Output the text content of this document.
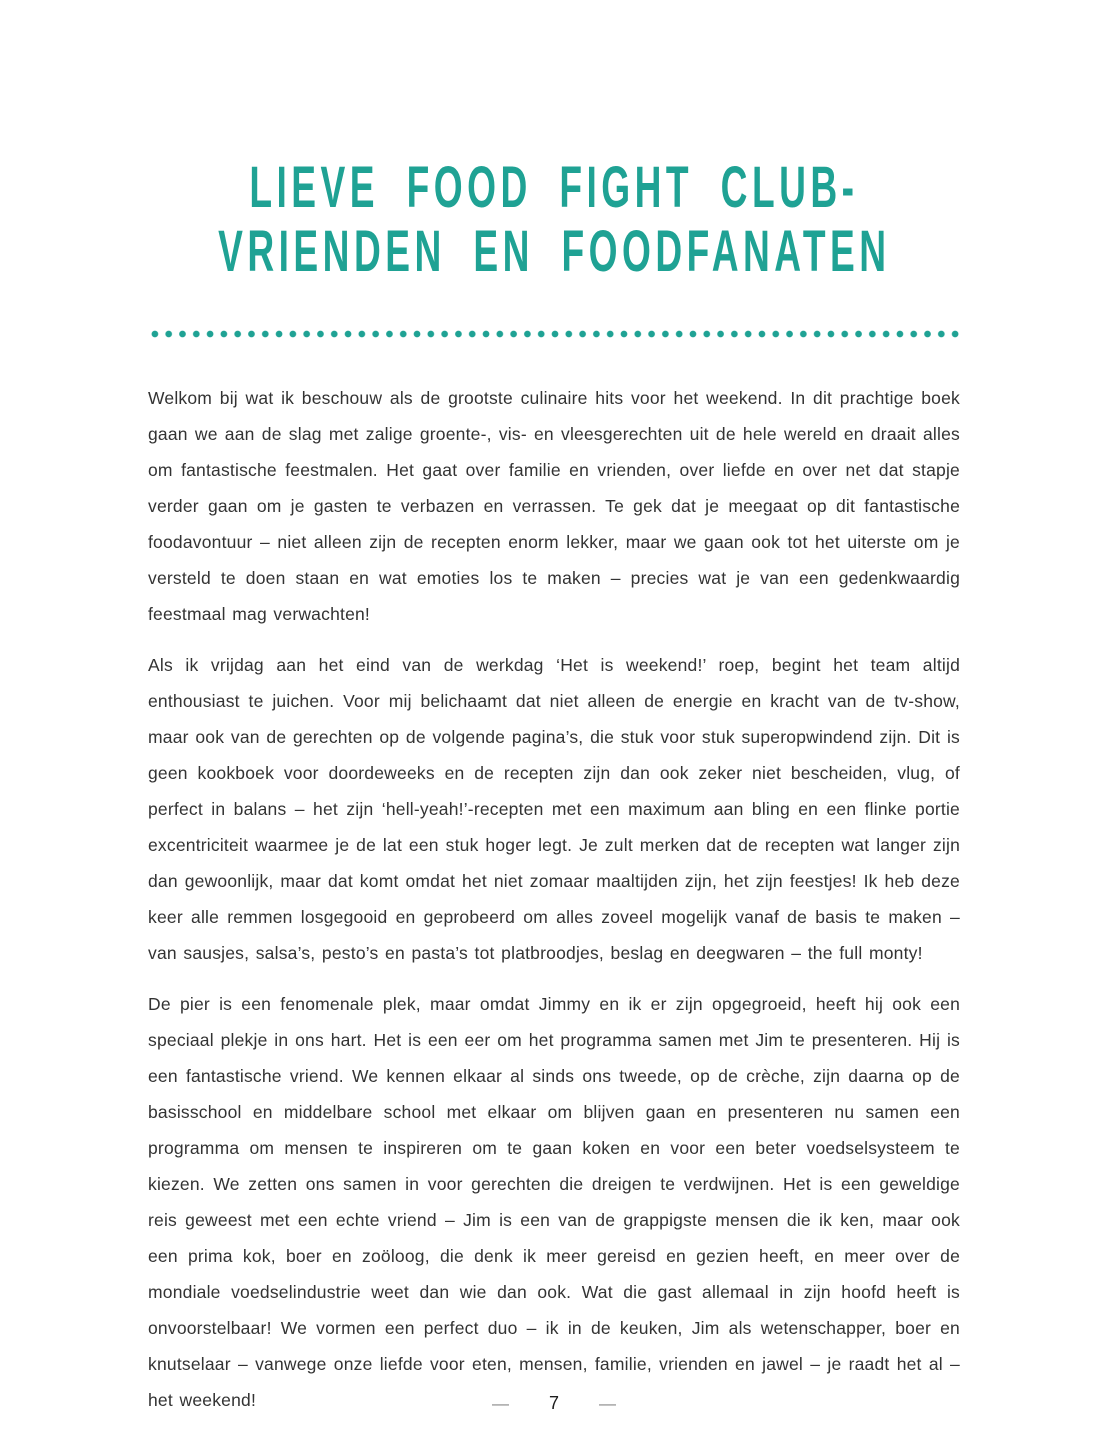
LIEVE FOOD FIGHT CLUB-
VRIENDEN EN FOODFANATEN

Welkom bij wat ik beschouw als de grootste culinaire hits voor het weekend. In dit prachtige boek gaan we aan de slag met zalige groente-, vis- en vleesgerechten uit de hele wereld en draait alles om fantastische feestmalen. Het gaat over familie en vrienden, over liefde en over net dat stapje verder gaan om je gasten te verbazen en verrassen. Te gek dat je meegaat op dit fantastische foodavontuur – niet alleen zijn de recepten enorm lekker, maar we gaan ook tot het uiterste om je versteld te doen staan en wat emoties los te maken – precies wat je van een gedenkwaardig feestmaal mag verwachten!

Als ik vrijdag aan het eind van de werkdag ‘Het is weekend!’ roep, begint het team altijd enthousiast te juichen. Voor mij belichaamt dat niet alleen de energie en kracht van de tv-show, maar ook van de gerechten op de volgende pagina’s, die stuk voor stuk superopwindend zijn. Dit is geen kookboek voor doordeweeks en de recepten zijn dan ook zeker niet bescheiden, vlug, of perfect in balans – het zijn ‘hell-yeah!’-recepten met een maximum aan bling en een flinke portie excentriciteit waarmee je de lat een stuk hoger legt. Je zult merken dat de recepten wat langer zijn dan gewoonlijk, maar dat komt omdat het niet zomaar maaltijden zijn, het zijn feestjes! Ik heb deze keer alle remmen losgegooid en geprobeerd om alles zoveel mogelijk vanaf de basis te maken – van sausjes, salsa’s, pesto’s en pasta’s tot platbroodjes, beslag en deegwaren – the full monty!

De pier is een fenomenale plek, maar omdat Jimmy en ik er zijn opgegroeid, heeft hij ook een speciaal plekje in ons hart. Het is een eer om het programma samen met Jim te presenteren. Hij is een fantastische vriend. We kennen elkaar al sinds ons tweede, op de crèche, zijn daarna op de basisschool en middelbare school met elkaar om blijven gaan en presenteren nu samen een programma om mensen te inspireren om te gaan koken en voor een beter voedselsysteem te kiezen. We zetten ons samen in voor gerechten die dreigen te verdwijnen. Het is een geweldige reis geweest met een echte vriend – Jim is een van de grappigste mensen die ik ken, maar ook een prima kok, boer en zoöloog, die denk ik meer gereisd en gezien heeft, en meer over de mondiale voedselindustrie weet dan wie dan ook. Wat die gast allemaal in zijn hoofd heeft is onvoorstelbaar! We vormen een perfect duo – ik in de keuken, Jim als wetenschapper, boer en knutselaar – vanwege onze liefde voor eten, mensen, familie, vrienden en jawel – je raadt het al – het weekend!	— 7 —
